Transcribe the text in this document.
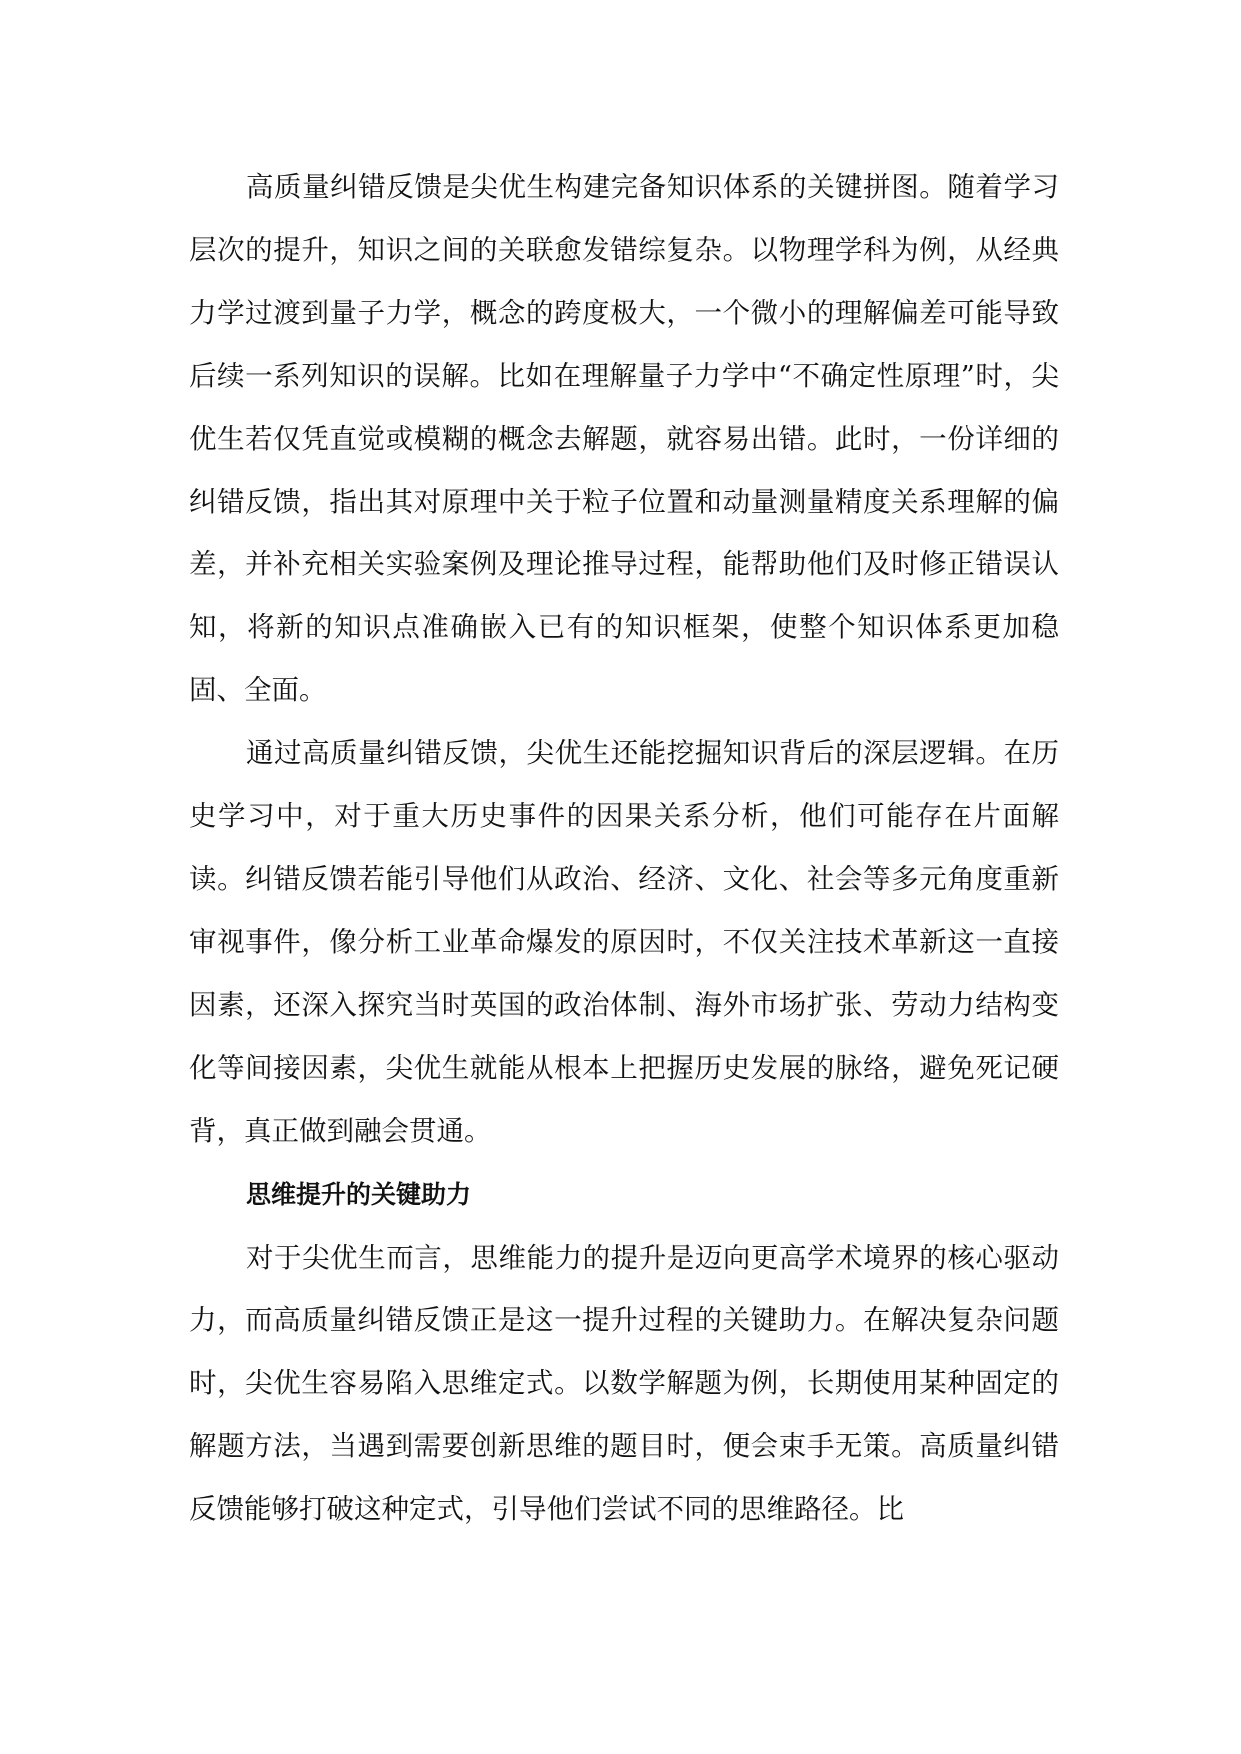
高质量纠错反馈是尖优生构建完备知识体系的关键拼图。随着学习层次的提升，知识之间的关联愈发错综复杂。以物理学科为例，从经典力学过渡到量子力学，概念的跨度极大，一个微小的理解偏差可能导致后续一系列知识的误解。比如在理解量子力学中“不确定性原理”时，尖优生若仅凭直觉或模糊的概念去解题，就容易出错。此时，一份详细的纠错反馈，指出其对原理中关于粒子位置和动量测量精度关系理解的偏差，并补充相关实验案例及理论推导过程，能帮助他们及时修正错误认知，将新的知识点准确嵌入已有的知识框架，使整个知识体系更加稳固、全面。

通过高质量纠错反馈，尖优生还能挖掘知识背后的深层逻辑。在历史学习中，对于重大历史事件的因果关系分析，他们可能存在片面解读。纠错反馈若能引导他们从政治、经济、文化、社会等多元角度重新审视事件，像分析工业革命爆发的原因时，不仅关注技术革新这一直接因素，还深入探究当时英国的政治体制、海外市场扩张、劳动力结构变化等间接因素，尖优生就能从根本上把握历史发展的脉络，避免死记硬背，真正做到融会贯通。

思维提升的关键助力

对于尖优生而言，思维能力的提升是迈向更高学术境界的核心驱动力，而高质量纠错反馈正是这一提升过程的关键助力。在解决复杂问题时，尖优生容易陷入思维定式。以数学解题为例，长期使用某种固定的解题方法，当遇到需要创新思维的题目时，便会束手无策。高质量纠错反馈能够打破这种定式，引导他们尝试不同的思维路径。比
